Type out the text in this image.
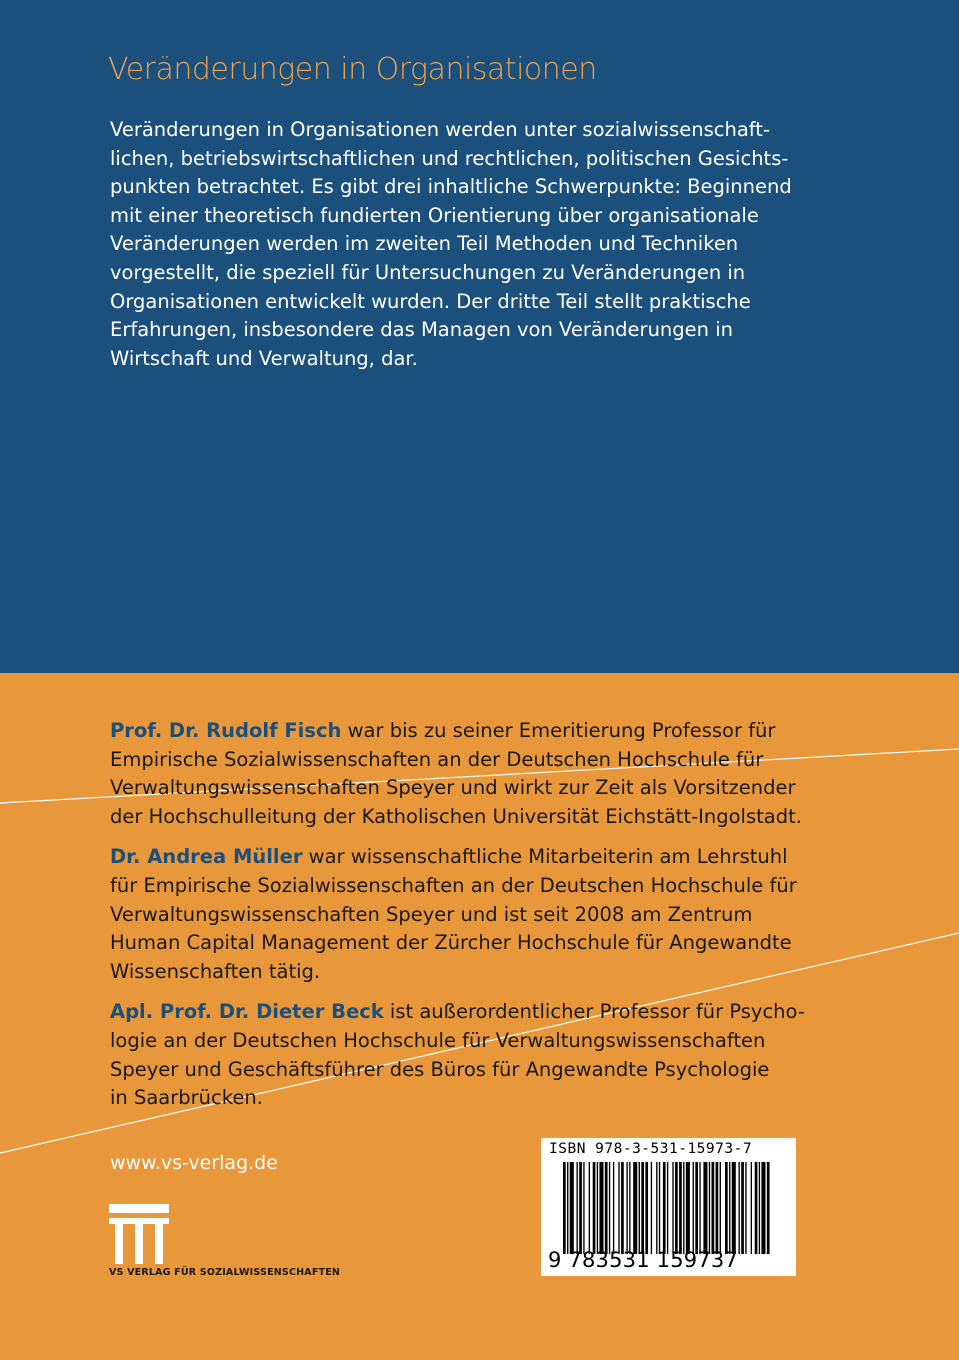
Veränderungen in Organisationen
Veränderungen in Organisationen werden unter sozialwissenschaft-
lichen, betriebswirtschaftlichen und rechtlichen, politischen Gesichts-
punkten betrachtet. Es gibt drei inhaltliche Schwerpunkte: Beginnend
mit einer theoretisch fundierten Orientierung über organisationale
Veränderungen werden im zweiten Teil Methoden und Techniken
vorgestellt, die speziell für Untersuchungen zu Veränderungen in
Organisationen entwickelt wurden. Der dritte Teil stellt praktische
Erfahrungen, insbesondere das Managen von Veränderungen in
Wirtschaft und Verwaltung, dar.
Prof. Dr. Rudolf Fisch war bis zu seiner Emeritierung Professor für
Empirische Sozialwissenschaften an der Deutschen Hochschule für
Verwaltungswissenschaften Speyer und wirkt zur Zeit als Vorsitzender
der Hochschulleitung der Katholischen Universität Eichstätt-Ingolstadt.
Dr. Andrea Müller war wissenschaftliche Mitarbeiterin am Lehrstuhl
für Empirische Sozialwissenschaften an der Deutschen Hochschule für
Verwaltungswissenschaften Speyer und ist seit 2008 am Zentrum
Human Capital Management der Zürcher Hochschule für Angewandte
Wissenschaften tätig.
Apl. Prof. Dr. Dieter Beck ist außerordentlicher Professor für Psycho-
logie an der Deutschen Hochschule für Verwaltungswissenschaften
Speyer und Geschäftsführer des Büros für Angewandte Psychologie
in Saarbrücken.
www.vs-verlag.de
VS VERLAG FÜR SOZIALWISSENSCHAFTEN
ISBN 978-3-531-15973-7
9 783531 159737
